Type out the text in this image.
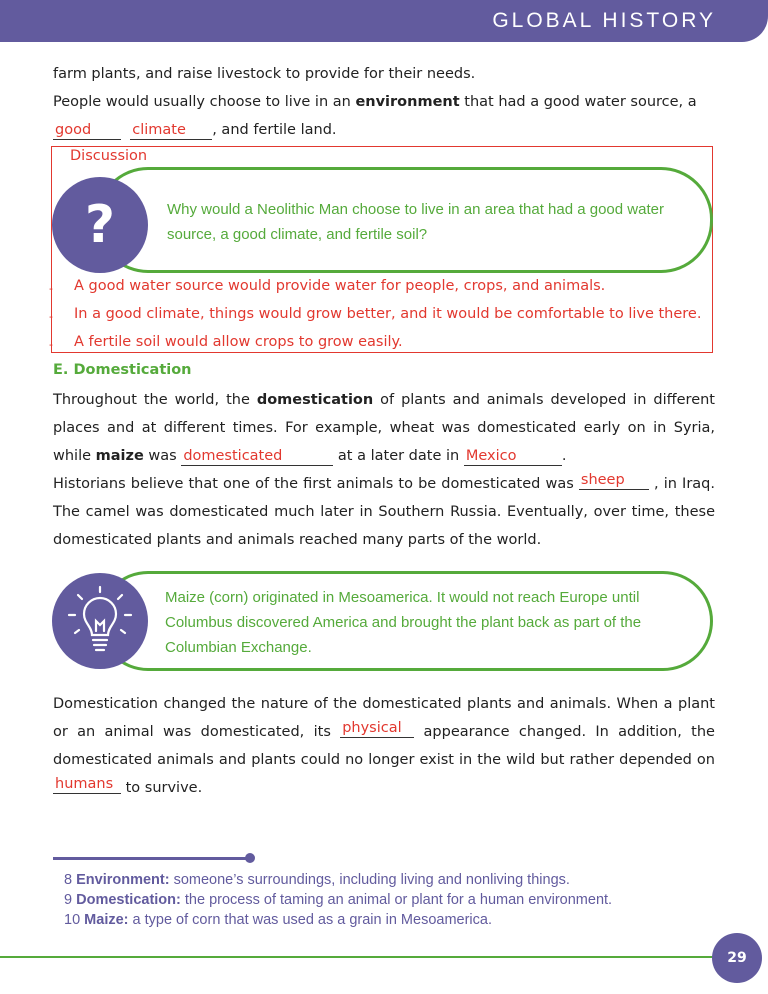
GLOBAL HISTORY

farm plants, and raise livestock to provide for their needs.

People would usually choose to live in an environment that had a good water source, a
good	climate , and fertile land.

Discussion
?	Why would a Neolithic Man choose to live in an area that had a good water source, a good climate, and fertile soil?
-
-
-
A good water source would provide water for people, crops, and animals.
In a good climate, things would grow better, and it would be comfortable to live there.
A fertile soil would allow crops to grow easily.
E. Domestication

Throughout the world, the domestication of plants and animals developed in different places and at different times. For example, wheat was domesticated early on in Syria, while maize was domesticated	at a later date in Mexico	.

Historians believe that one of the first animals to be domesticated was sheep , in Iraq. The camel was domesticated much later in Southern Russia. Eventually, over time, these domesticated plants and animals reached many parts of the world.

Maize (corn) originated in Mesoamerica. It would not reach Europe until Columbus discovered America and brought the plant back as part of the Columbian Exchange.

Domestication changed the nature of the domesticated plants and animals. When a plant or an animal was domesticated, its physical appearance changed. In addition, the domesticated animals and plants could no longer exist in the wild but rather depended on humans to survive.

8 Environment: someone’s surroundings, including living and nonliving things.
9 Domestication: the process of taming an animal or plant for a human environment.
10 Maize: a type of corn that was used as a grain in Mesoamerica.
29
